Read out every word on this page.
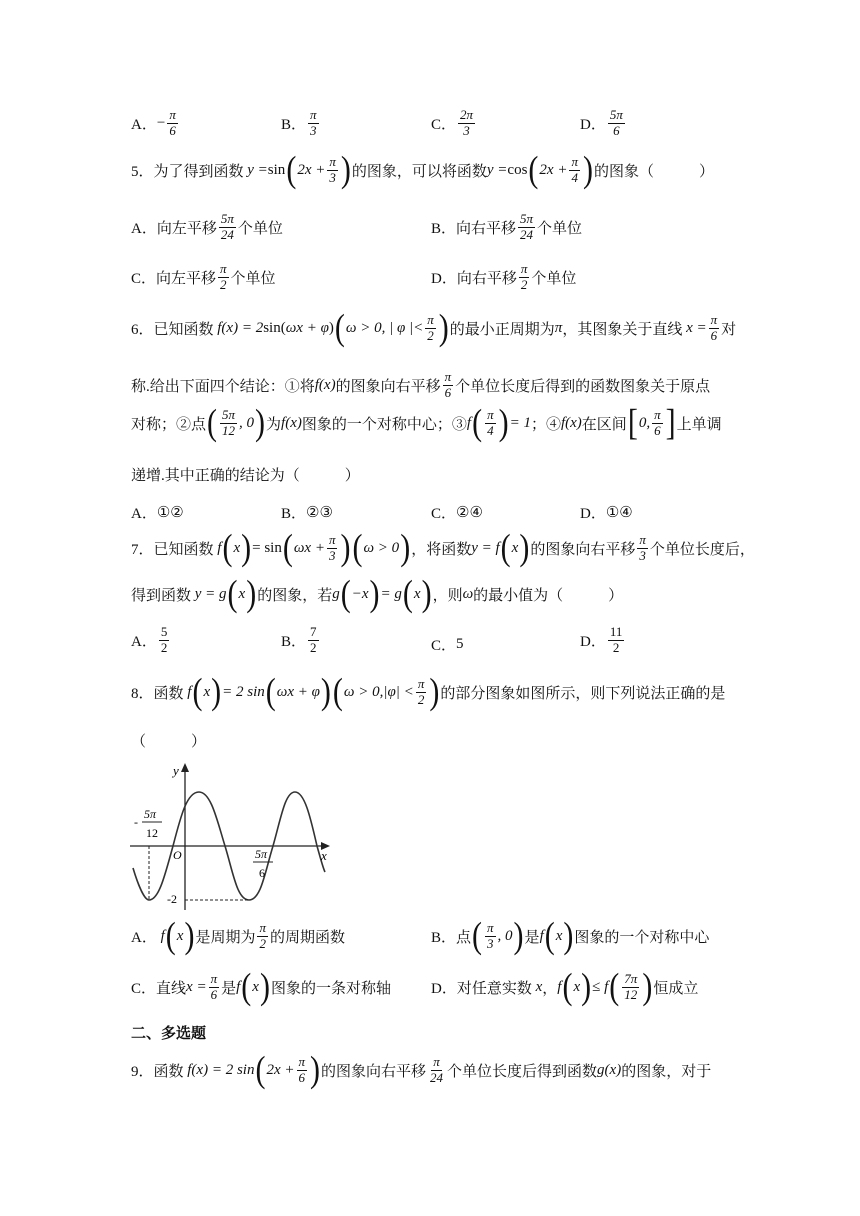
A． − $\frac{\pi}{6}$	B． $\frac{\pi}{3}$	C． $\frac{2\pi}{3}$	D． $\frac{5\pi}{6}$
5．为了得到函数 y = sin ( $2x + \frac{\pi}{3}$ ) 的图象，可以将函数 y = cos ( $2x + \frac{\pi}{4}$ ) 的图象（　　　）
A． 向左平移 $\frac{5\pi}{24}$ 个单位	B． 向右平移 $\frac{5\pi}{24}$ 个单位
C． 向左平移 $\frac{\pi}{2}$ 个单位	D． 向右平移 $\frac{\pi}{2}$ 个单位
6．已知函数 f(x) = 2 sin( ωx + φ ) ( ω > 0, | φ |< $\frac{\pi}{2}$ ) 的最小正周期为 π ，其图象关于直线 $x = \frac{\pi}{6}$ 对
称.给出下面四个结论：①将 f(x) 的图象向右平移 $\frac{\pi}{6}$ 个单位长度后得到的函数图象关于原点
对称；②点 ( $\frac{5\pi}{12}$ , 0 ) 为 f(x) 图象的一个对称中心；③ f ( $\frac{\pi}{4}$ ) = 1 ；④ f(x) 在区间 [ 0, $\frac{\pi}{6}$ ] 上单调
递增.其中正确的结论为（　　　）
A． ①②	B． ②③	C． ②④	D． ①④
7．已知函数 f ( x ) = sin ( $\omega x + \frac{\pi}{3}$ ) ( ω > 0 ) ，将函数 y = f ( x ) 的图象向右平移 $\frac{\pi}{3}$ 个单位长度后，
得到函数 y = g ( x ) 的图象，若 g ( −x ) = g ( x ) ，则 ω 的最小值为（　　　）
A． $\frac{5}{2}$	B． $\frac{7}{2}$	C． 5	D． $\frac{11}{2}$
8．函数 f ( x ) = 2 sin ( ωx + φ ) ( $\omega > 0,|\varphi| < \frac{\pi}{2}$ ) 的部分图象如图所示，则下列说法正确的是
（　　　）
y
x
O
-2
-
5π
12
5π
6
A． f ( x ) 是周期为 $\frac{\pi}{2}$ 的周期函数	B． 点 ( $\frac{\pi}{3}$ , 0 ) 是 f ( x ) 图象的一个对称中心
C． 直线 $x = \frac{\pi}{6}$ 是 f ( x ) 图象的一条对称轴	D． 对任意实数 x ， f ( x ) ≤ f ( $\frac{7\pi}{12}$ ) 恒成立
二、多选题
9．函数 f(x) = 2 sin ( $2x + \frac{\pi}{6}$ ) 的图象向右平移 $\frac{\pi}{24}$ 个单位长度后得到函数 g(x) 的图象，对于
